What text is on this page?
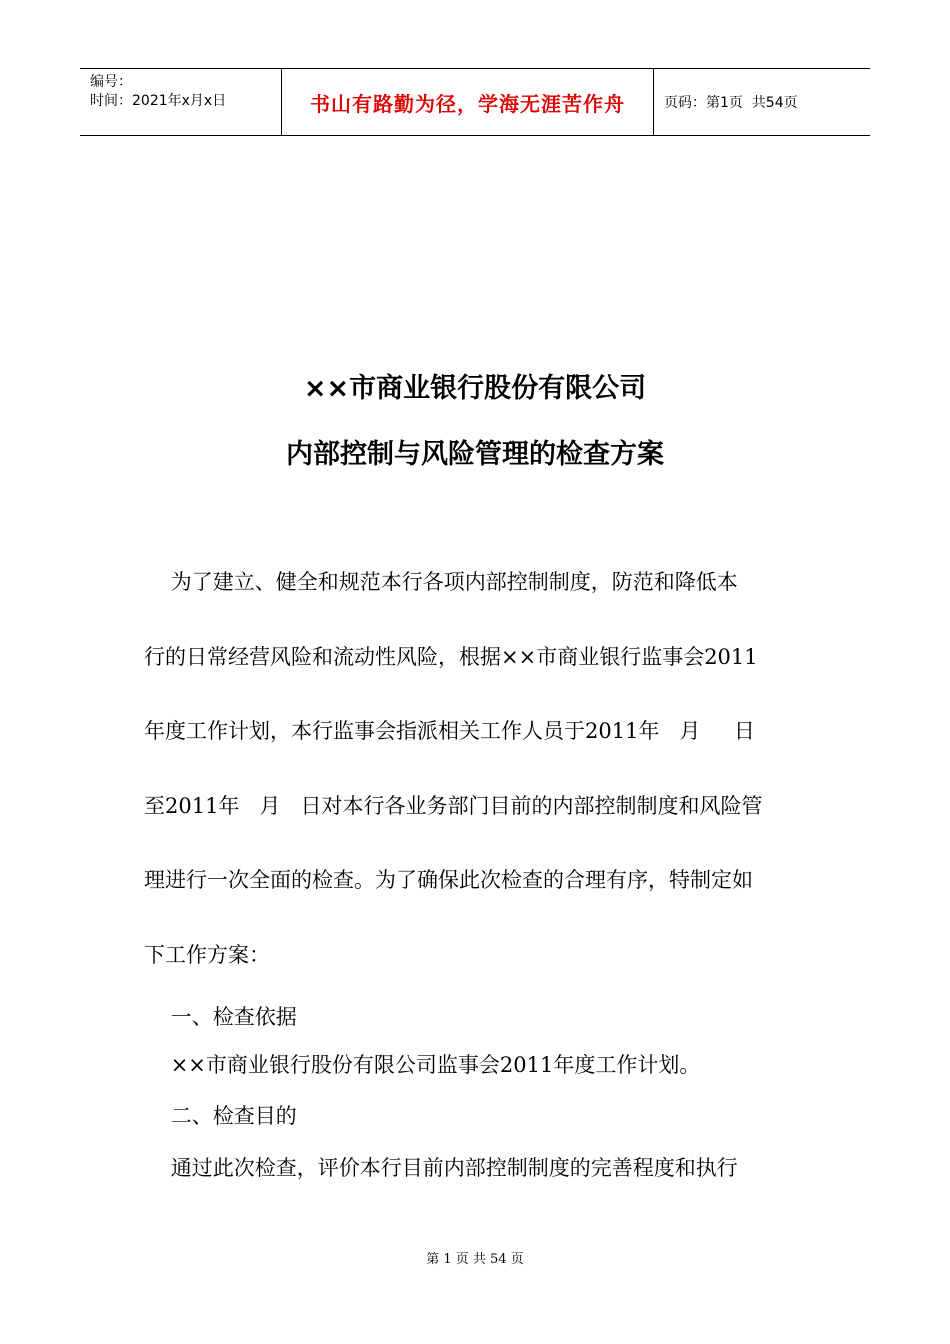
编号：
时间：2021年x月x日	书山有路勤为径，学海无涯苦作舟	页码：第1页  共54页
××市商业银行股份有限公司
内部控制与风险管理的检查方案
为了建立、健全和规范本行各项内部控制制度，防范和降低本
行的日常经营风险和流动性风险，根据××市商业银行监事会2011
年度工作计划，本行监事会指派相关工作人员于2011年   月     日
至2011年   月   日对本行各业务部门目前的内部控制制度和风险管
理进行一次全面的检查。为了确保此次检查的合理有序，特制定如
下工作方案：
一、检查依据
××市商业银行股份有限公司监事会2011年度工作计划。
二、检查目的
通过此次检查，评价本行目前内部控制制度的完善程度和执行
第 1 页 共 54 页
